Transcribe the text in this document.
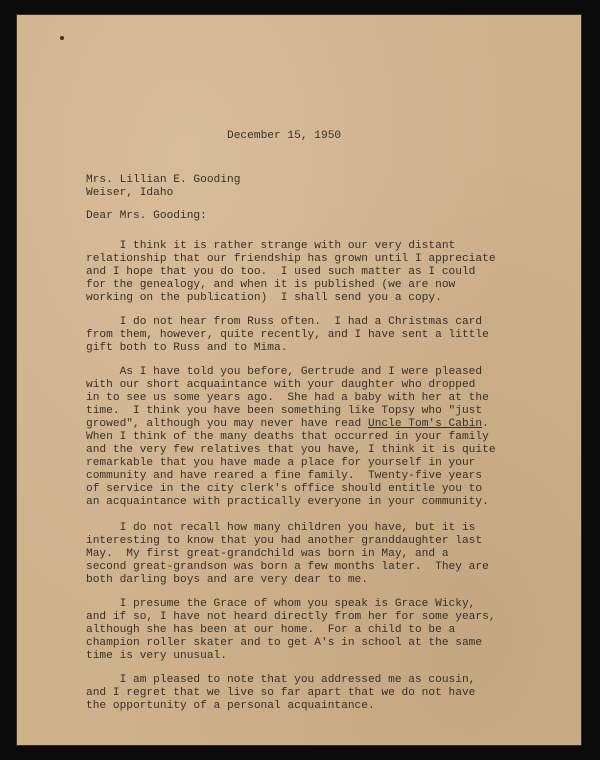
December 15, 1950
Mrs. Lillian E. Gooding
Weiser, Idaho
Dear Mrs. Gooding:
I think it is rather strange with our very distant
relationship that our friendship has grown until I appreciate
and I hope that you do too.  I used such matter as I could
for the genealogy, and when it is published (we are now
working on the publication)  I shall send you a copy.
I do not hear from Russ often.  I had a Christmas card
from them, however, quite recently, and I have sent a little
gift both to Russ and to Mima.
As I have told you before, Gertrude and I were pleased
with our short acquaintance with your daughter who dropped
in to see us some years ago.  She had a baby with her at the
time.  I think you have been something like Topsy who "just
growed", although you may never have read Uncle Tom's Cabin.
When I think of the many deaths that occurred in your family
and the very few relatives that you have, I think it is quite
remarkable that you have made a place for yourself in your
community and have reared a fine family.  Twenty-five years
of service in the city clerk's office should entitle you to
an acquaintance with practically everyone in your community.
I do not recall how many children you have, but it is
interesting to know that you had another granddaughter last
May.  My first great-grandchild was born in May, and a
second great-grandson was born a few months later.  They are
both darling boys and are very dear to me.
I presume the Grace of whom you speak is Grace Wicky,
and if so, I have not heard directly from her for some years,
although she has been at our home.  For a child to be a
champion roller skater and to get A's in school at the same
time is very unusual.
I am pleased to note that you addressed me as cousin,
and I regret that we live so far apart that we do not have
the opportunity of a personal acquaintance.
